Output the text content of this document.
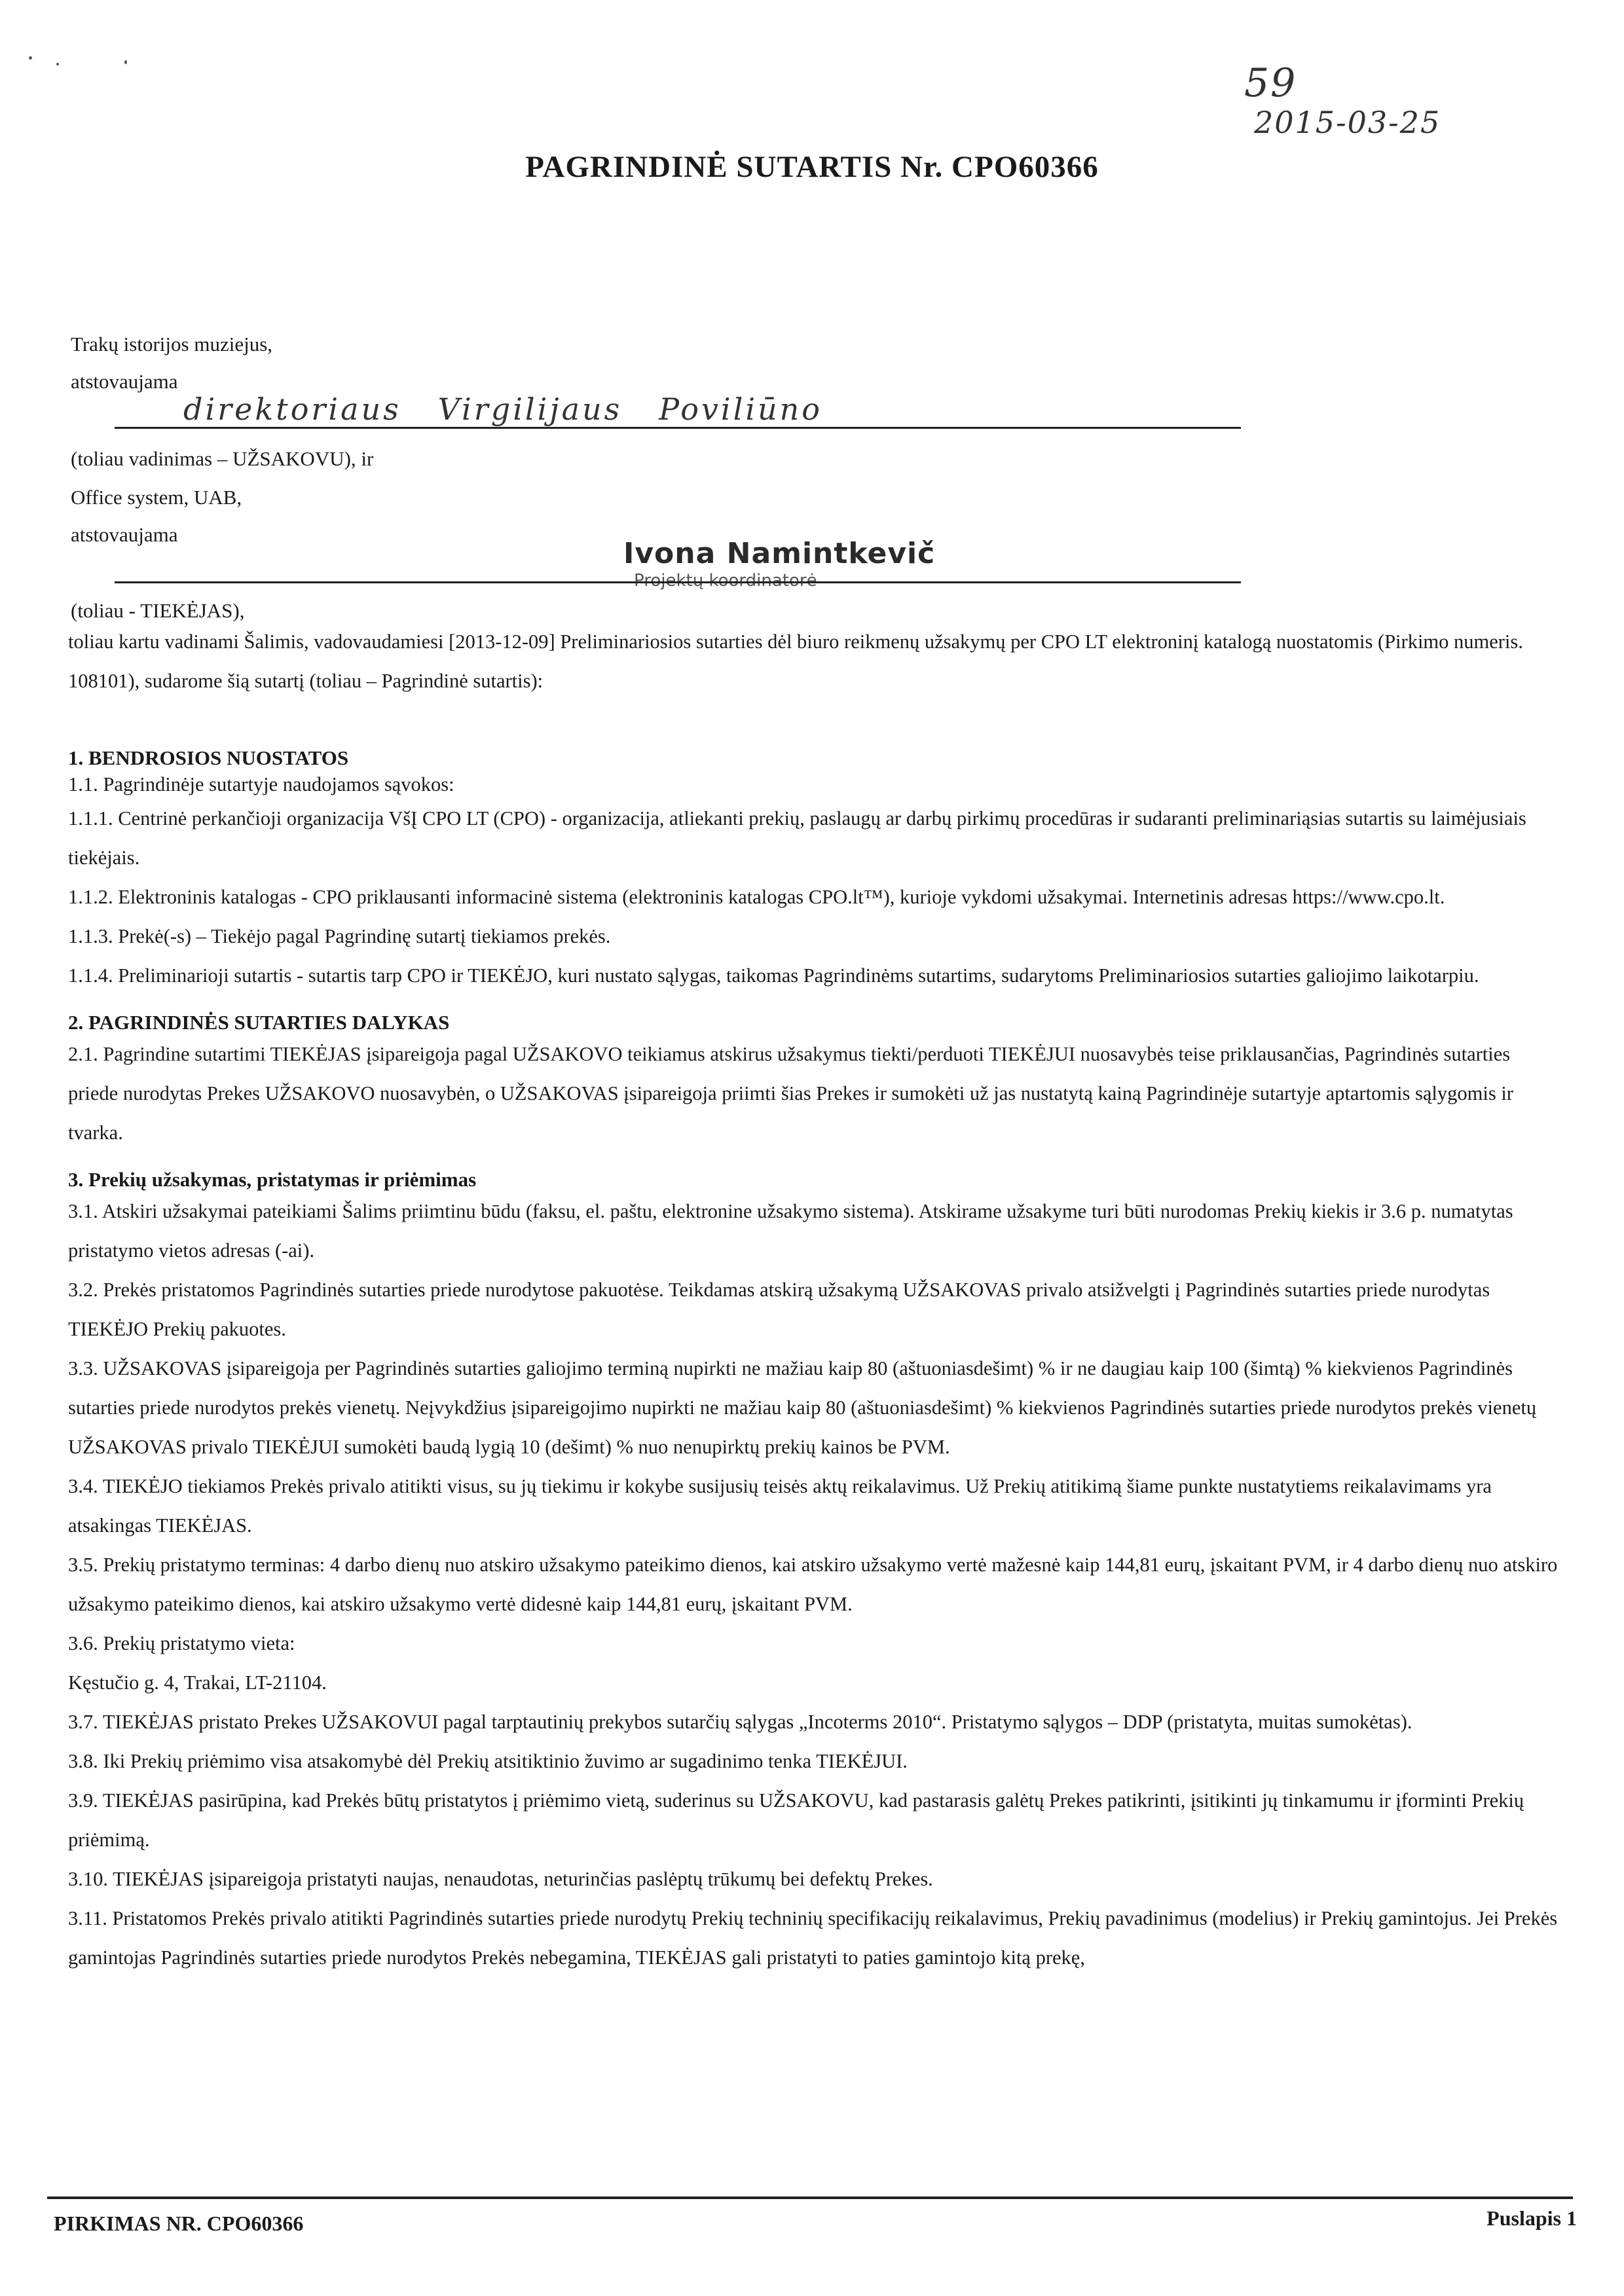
59
2015-03-25
PAGRINDINĖ SUTARTIS Nr. CPO60366
Trakų istorijos muziejus,
atstovaujama
direktoriaus   Virgilijaus   Poviliūno
(toliau vadinimas – UŽSAKOVU), ir
Office system, UAB,
atstovaujama
Ivona Namintkevič
Projektų koordinatorė
(toliau - TIEKĖJAS),

toliau kartu vadinami Šalimis, vadovaudamiesi [2013-12-09] Preliminariosios sutarties dėl biuro reikmenų užsakymų per CPO LT elektroninį katalogą nuostatomis (Pirkimo numeris. 108101), sudarome šią sutartį (toliau – Pagrindinė sutartis):

1. BENDROSIOS NUOSTATOS

1.1. Pagrindinėje sutartyje naudojamos sąvokos:

1.1.1. Centrinė perkančioji organizacija VšĮ CPO LT (CPO) - organizacija, atliekanti prekių, paslaugų ar darbų pirkimų procedūras ir sudaranti preliminariąsias sutartis su laimėjusiais tiekėjais.

1.1.2. Elektroninis katalogas - CPO priklausanti informacinė sistema (elektroninis katalogas CPO.lt™), kurioje vykdomi užsakymai. Internetinis adresas https://www.cpo.lt.

1.1.3. Prekė(-s) – Tiekėjo pagal Pagrindinę sutartį tiekiamos prekės.

1.1.4. Preliminarioji sutartis - sutartis tarp CPO ir TIEKĖJO, kuri nustato sąlygas, taikomas Pagrindinėms sutartims, sudarytoms Preliminariosios sutarties galiojimo laikotarpiu.

2. PAGRINDINĖS SUTARTIES DALYKAS

2.1. Pagrindine sutartimi TIEKĖJAS įsipareigoja pagal UŽSAKOVO teikiamus atskirus užsakymus tiekti/perduoti TIEKĖJUI nuosavybės teise priklausančias, Pagrindinės sutarties priede nurodytas Prekes UŽSAKOVO nuosavybėn, o UŽSAKOVAS įsipareigoja priimti šias Prekes ir sumokėti už jas nustatytą kainą Pagrindinėje sutartyje aptartomis sąlygomis ir tvarka.

3. Prekių užsakymas, pristatymas ir priėmimas

3.1. Atskiri užsakymai pateikiami Šalims priimtinu būdu (faksu, el. paštu, elektronine užsakymo sistema). Atskirame užsakyme turi būti nurodomas Prekių kiekis ir 3.6 p. numatytas pristatymo vietos adresas (-ai).

3.2. Prekės pristatomos Pagrindinės sutarties priede nurodytose pakuotėse. Teikdamas atskirą užsakymą UŽSAKOVAS privalo atsižvelgti į Pagrindinės sutarties priede nurodytas TIEKĖJO Prekių pakuotes.

3.3. UŽSAKOVAS įsipareigoja per Pagrindinės sutarties galiojimo terminą nupirkti ne mažiau kaip 80 (aštuoniasdešimt) % ir ne daugiau kaip 100 (šimtą) % kiekvienos Pagrindinės sutarties priede nurodytos prekės vienetų. Neįvykdžius įsipareigojimo nupirkti ne mažiau kaip 80 (aštuoniasdešimt) % kiekvienos Pagrindinės sutarties priede nurodytos prekės vienetų UŽSAKOVAS privalo TIEKĖJUI sumokėti baudą lygią 10 (dešimt) % nuo nenupirktų prekių kainos be PVM.

3.4. TIEKĖJO tiekiamos Prekės privalo atitikti visus, su jų tiekimu ir kokybe susijusių teisės aktų reikalavimus. Už Prekių atitikimą šiame punkte nustatytiems reikalavimams yra atsakingas TIEKĖJAS.

3.5. Prekių pristatymo terminas: 4 darbo dienų nuo atskiro užsakymo pateikimo dienos, kai atskiro užsakymo vertė mažesnė kaip 144,81 eurų, įskaitant PVM, ir 4 darbo dienų nuo atskiro užsakymo pateikimo dienos, kai atskiro užsakymo vertė didesnė kaip 144,81 eurų, įskaitant PVM.

3.6. Prekių pristatymo vieta:

Kęstučio g. 4, Trakai, LT-21104.

3.7. TIEKĖJAS pristato Prekes UŽSAKOVUI pagal tarptautinių prekybos sutarčių sąlygas „Incoterms 2010“. Pristatymo sąlygos – DDP (pristatyta, muitas sumokėtas).

3.8. Iki Prekių priėmimo visa atsakomybė dėl Prekių atsitiktinio žuvimo ar sugadinimo tenka TIEKĖJUI.

3.9. TIEKĖJAS pasirūpina, kad Prekės būtų pristatytos į priėmimo vietą, suderinus su UŽSAKOVU, kad pastarasis galėtų Prekes patikrinti, įsitikinti jų tinkamumu ir įforminti Prekių priėmimą.

3.10. TIEKĖJAS įsipareigoja pristatyti naujas, nenaudotas, neturinčias paslėptų trūkumų bei defektų Prekes.

3.11. Pristatomos Prekės privalo atitikti Pagrindinės sutarties priede nurodytų Prekių techninių specifikacijų reikalavimus, Prekių pavadinimus (modelius) ir Prekių gamintojus. Jei Prekės gamintojas Pagrindinės sutarties priede nurodytos Prekės nebegamina, TIEKĖJAS gali pristatyti to paties gamintojo kitą prekę,

PIRKIMAS NR. CPO60366	Puslapis 1
